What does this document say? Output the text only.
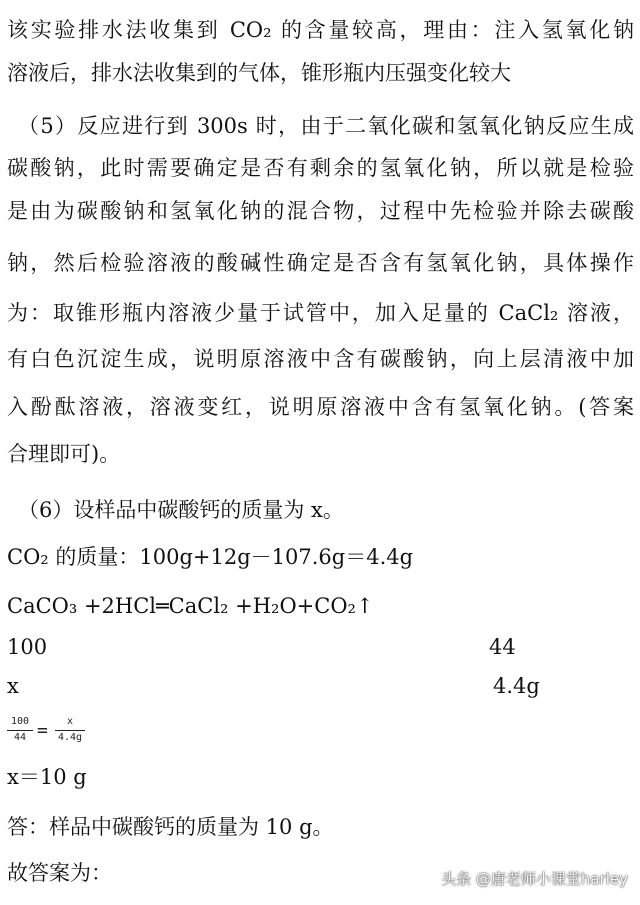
该实验排水法收集到 CO₂ 的含量较高，理由：注入氢氧化钠
溶液后，排水法收集到的气体，锥形瓶内压强变化较大
（5）反应进行到 300s 时，由于二氧化碳和氢氧化钠反应生成
碳酸钠，此时需要确定是否有剩余的氢氧化钠，所以就是检验
是由为碳酸钠和氢氧化钠的混合物，过程中先检验并除去碳酸
钠，然后检验溶液的酸碱性确定是否含有氢氧化钠，具体操作
为：取锥形瓶内溶液少量于试管中，加入足量的 CaCl₂ 溶液，
有白色沉淀生成，说明原溶液中含有碳酸钠，向上层清液中加
入酚酞溶液，溶液变红，说明原溶液中含有氢氧化钠。(答案
合理即可)。
（6）设样品中碳酸钙的质量为 x。
CO₂ 的质量：100g+12g－107.6g＝4.4g
CaCO₃ +2HCl═CaCl₂ +H₂O+CO₂↑
100	44
x	4.4g
100
44 =	x
4.4g
x＝10 g
答：样品中碳酸钙的质量为 10 g。
故答案为：	头条 @唐老师小课堂harley
